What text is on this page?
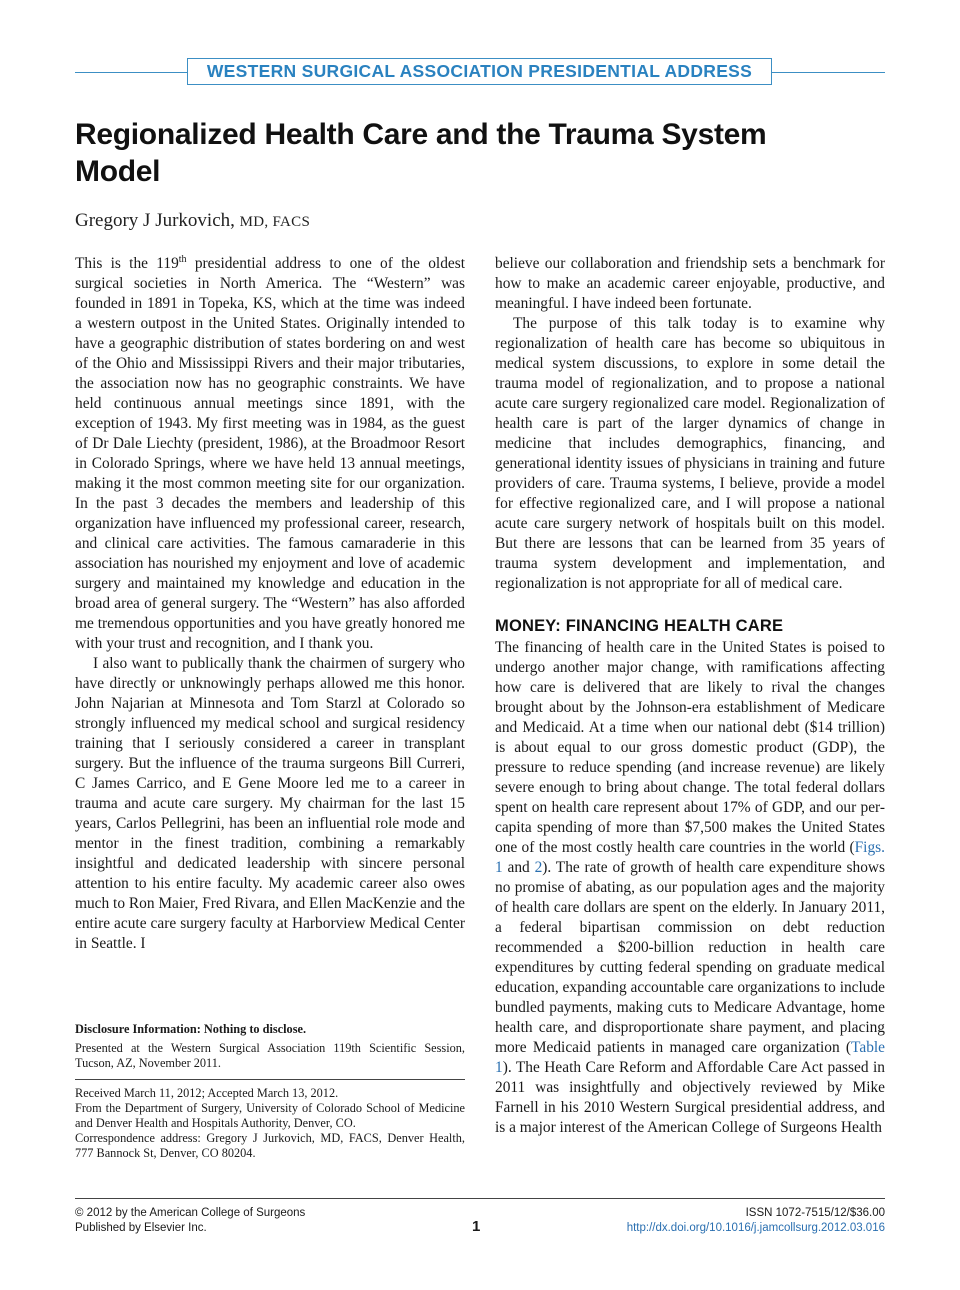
WESTERN SURGICAL ASSOCIATION PRESIDENTIAL ADDRESS
Regionalized Health Care and the Trauma System Model
Gregory J Jurkovich, MD, FACS

This is the 119th presidential address to one of the oldest surgical societies in North America. The “Western” was founded in 1891 in Topeka, KS, which at the time was indeed a western outpost in the United States. Originally intended to have a geographic distribution of states bordering on and west of the Ohio and Mississippi Rivers and their major tributaries, the association now has no geographic constraints. We have held continuous annual meetings since 1891, with the exception of 1943. My first meeting was in 1984, as the guest of Dr Dale Liechty (president, 1986), at the Broadmoor Resort in Colorado Springs, where we have held 13 annual meetings, making it the most common meeting site for our organization. In the past 3 decades the members and leadership of this organization have influenced my professional career, research, and clinical care activities. The famous camaraderie in this association has nourished my enjoyment and love of academic surgery and maintained my knowledge and education in the broad area of general surgery. The “Western” has also afforded me tremendous opportunities and you have greatly honored me with your trust and recognition, and I thank you.

I also want to publically thank the chairmen of surgery who have directly or unknowingly perhaps allowed me this honor. John Najarian at Minnesota and Tom Starzl at Colorado so strongly influenced my medical school and surgical residency training that I seriously considered a career in transplant surgery. But the influence of the trauma surgeons Bill Curreri, C James Carrico, and E Gene Moore led me to a career in trauma and acute care surgery. My chairman for the last 15 years, Carlos Pellegrini, has been an influential role mode and mentor in the finest tradition, combining a remarkably insightful and dedicated leadership with sincere personal attention to his entire faculty. My academic career also owes much to Ron Maier, Fred Rivara, and Ellen MacKenzie and the entire acute care surgery faculty at Harborview Medical Center in Seattle. I

Disclosure Information: Nothing to disclose.

Presented at the Western Surgical Association 119th Scientific Session, Tucson, AZ, November 2011.

Received March 11, 2012; Accepted March 13, 2012.

From the Department of Surgery, University of Colorado School of Medicine and Denver Health and Hospitals Authority, Denver, CO.

Correspondence address: Gregory J Jurkovich, MD, FACS, Denver Health, 777 Bannock St, Denver, CO 80204.

believe our collaboration and friendship sets a benchmark for how to make an academic career enjoyable, productive, and meaningful. I have indeed been fortunate.

The purpose of this talk today is to examine why regionalization of health care has become so ubiquitous in medical system discussions, to explore in some detail the trauma model of regionalization, and to propose a national acute care surgery regionalized care model. Regionalization of health care is part of the larger dynamics of change in medicine that includes demographics, financing, and generational identity issues of physicians in training and future providers of care. Trauma systems, I believe, provide a model for effective regionalized care, and I will propose a national acute care surgery network of hospitals built on this model. But there are lessons that can be learned from 35 years of trauma system development and implementation, and regionalization is not appropriate for all of medical care.

MONEY: FINANCING HEALTH CARE

The financing of health care in the United States is poised to undergo another major change, with ramifications affecting how care is delivered that are likely to rival the changes brought about by the Johnson-era establishment of Medicare and Medicaid. At a time when our national debt ($14 trillion) is about equal to our gross domestic product (GDP), the pressure to reduce spending (and increase revenue) are likely severe enough to bring about change. The total federal dollars spent on health care represent about 17% of GDP, and our per-capita spending of more than $7,500 makes the United States one of the most costly health care countries in the world (Figs. 1 and 2). The rate of growth of health care expenditure shows no promise of abating, as our population ages and the majority of health care dollars are spent on the elderly. In January 2011, a federal bipartisan commission on debt reduction recommended a $200-billion reduction in health care expenditures by cutting federal spending on graduate medical education, expanding accountable care organizations to include bundled payments, making cuts to Medicare Advantage, home health care, and disproportionate share payment, and placing more Medicaid patients in managed care organization (Table 1). The Heath Care Reform and Affordable Care Act passed in 2011 was insightfully and objectively reviewed by Mike Farnell in his 2010 Western Surgical presidential address, and is a major interest of the American College of Surgeons Health

© 2012 by the American College of Surgeons
Published by Elsevier Inc.	1
ISSN 1072-7515/12/$36.00
http://dx.doi.org/10.1016/j.jamcollsurg.2012.03.016
